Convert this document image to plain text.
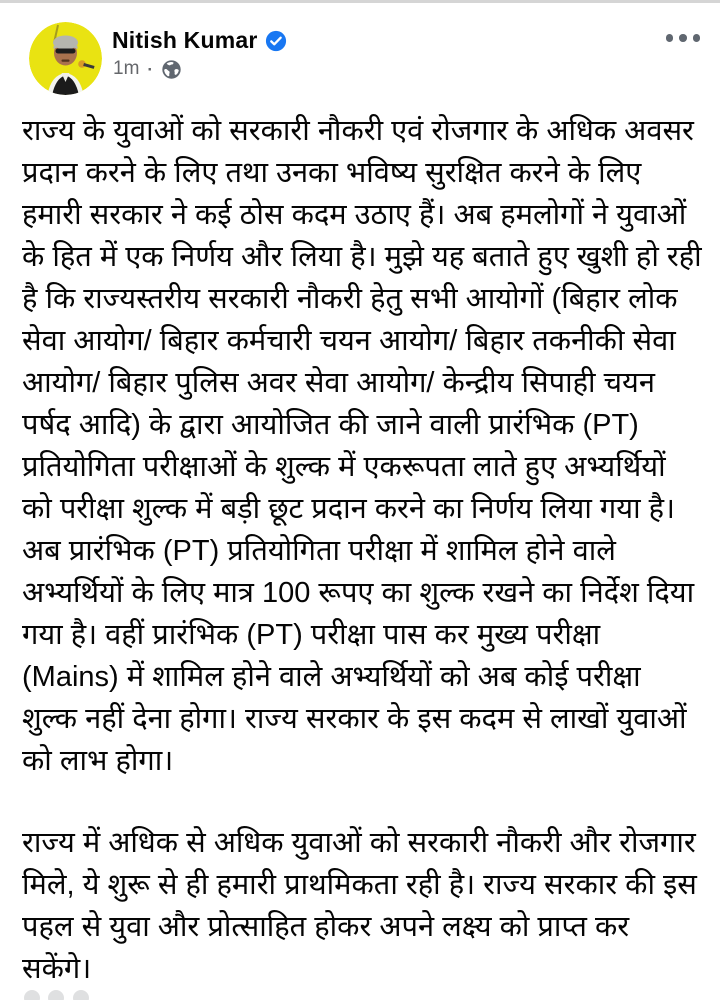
Nitish Kumar
1m ·
राज्य के युवाओं को सरकारी नौकरी एवं रोजगार के अधिक अवसर
प्रदान करने के लिए तथा उनका भविष्य सुरक्षित करने के लिए
हमारी सरकार ने कई ठोस कदम उठाए हैं। अब हमलोगों ने युवाओं
के हित में एक निर्णय और लिया है। मुझे यह बताते हुए खुशी हो रही
है कि राज्यस्तरीय सरकारी नौकरी हेतु सभी आयोगों (बिहार लोक
सेवा आयोग/ बिहार कर्मचारी चयन आयोग/ बिहार तकनीकी सेवा
आयोग/ बिहार पुलिस अवर सेवा आयोग/ केन्द्रीय सिपाही चयन
पर्षद आदि) के द्वारा आयोजित की जाने वाली प्रारंभिक (PT)
प्रतियोगिता परीक्षाओं के शुल्क में एकरूपता लाते हुए अभ्यर्थियों
को परीक्षा शुल्क में बड़ी छूट प्रदान करने का निर्णय लिया गया है।
अब प्रारंभिक (PT) प्रतियोगिता परीक्षा में शामिल होने वाले
अभ्यर्थियों के लिए मात्र 100 रूपए का शुल्क रखने का निर्देश दिया
गया है। वहीं प्रारंभिक (PT) परीक्षा पास कर मुख्य परीक्षा
(Mains) में शामिल होने वाले अभ्यर्थियों को अब कोई परीक्षा
शुल्क नहीं देना होगा। राज्य सरकार के इस कदम से लाखों युवाओं
को लाभ होगा।
राज्य में अधिक से अधिक युवाओं को सरकारी नौकरी और रोजगार
मिले, ये शुरू से ही हमारी प्राथमिकता रही है। राज्य सरकार की इस
पहल से युवा और प्रोत्साहित होकर अपने लक्ष्य को प्राप्त कर
सकेंगे।
